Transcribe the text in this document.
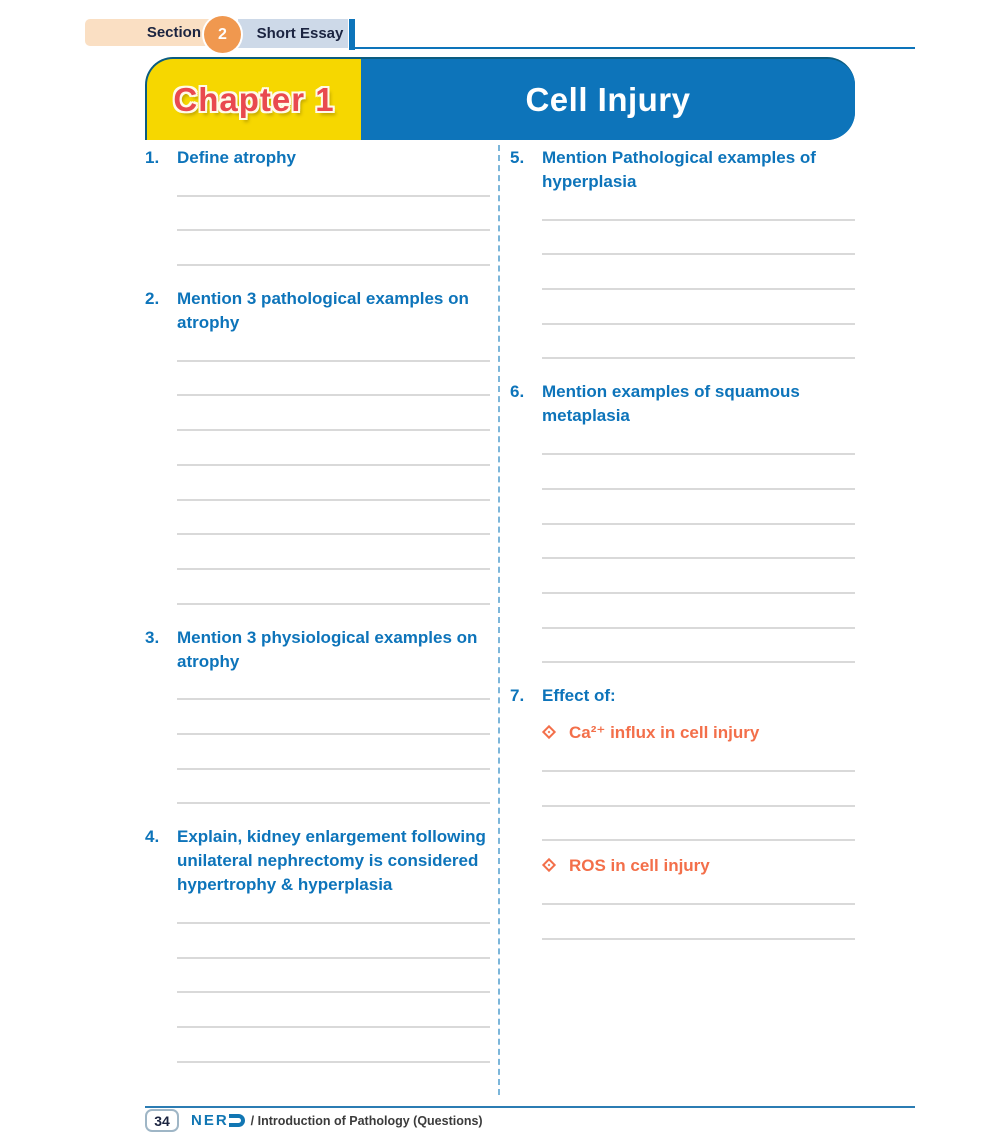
Section 2	Short Essay
Chapter 1	Cell Injury
1.	Define atrophy
2.	Mention 3 pathological examples on atrophy
3.	Mention 3 physiological examples on atrophy
4.	Explain, kidney enlargement following unilateral nephrectomy is considered hypertrophy & hyperplasia
5.	Mention Pathological examples of hyperplasia
6.	Mention examples of squamous metaplasia
7.	Effect of:
Ca²⁺ influx in cell injury
ROS in cell injury
34 NER / Introduction of Pathology (Questions)
